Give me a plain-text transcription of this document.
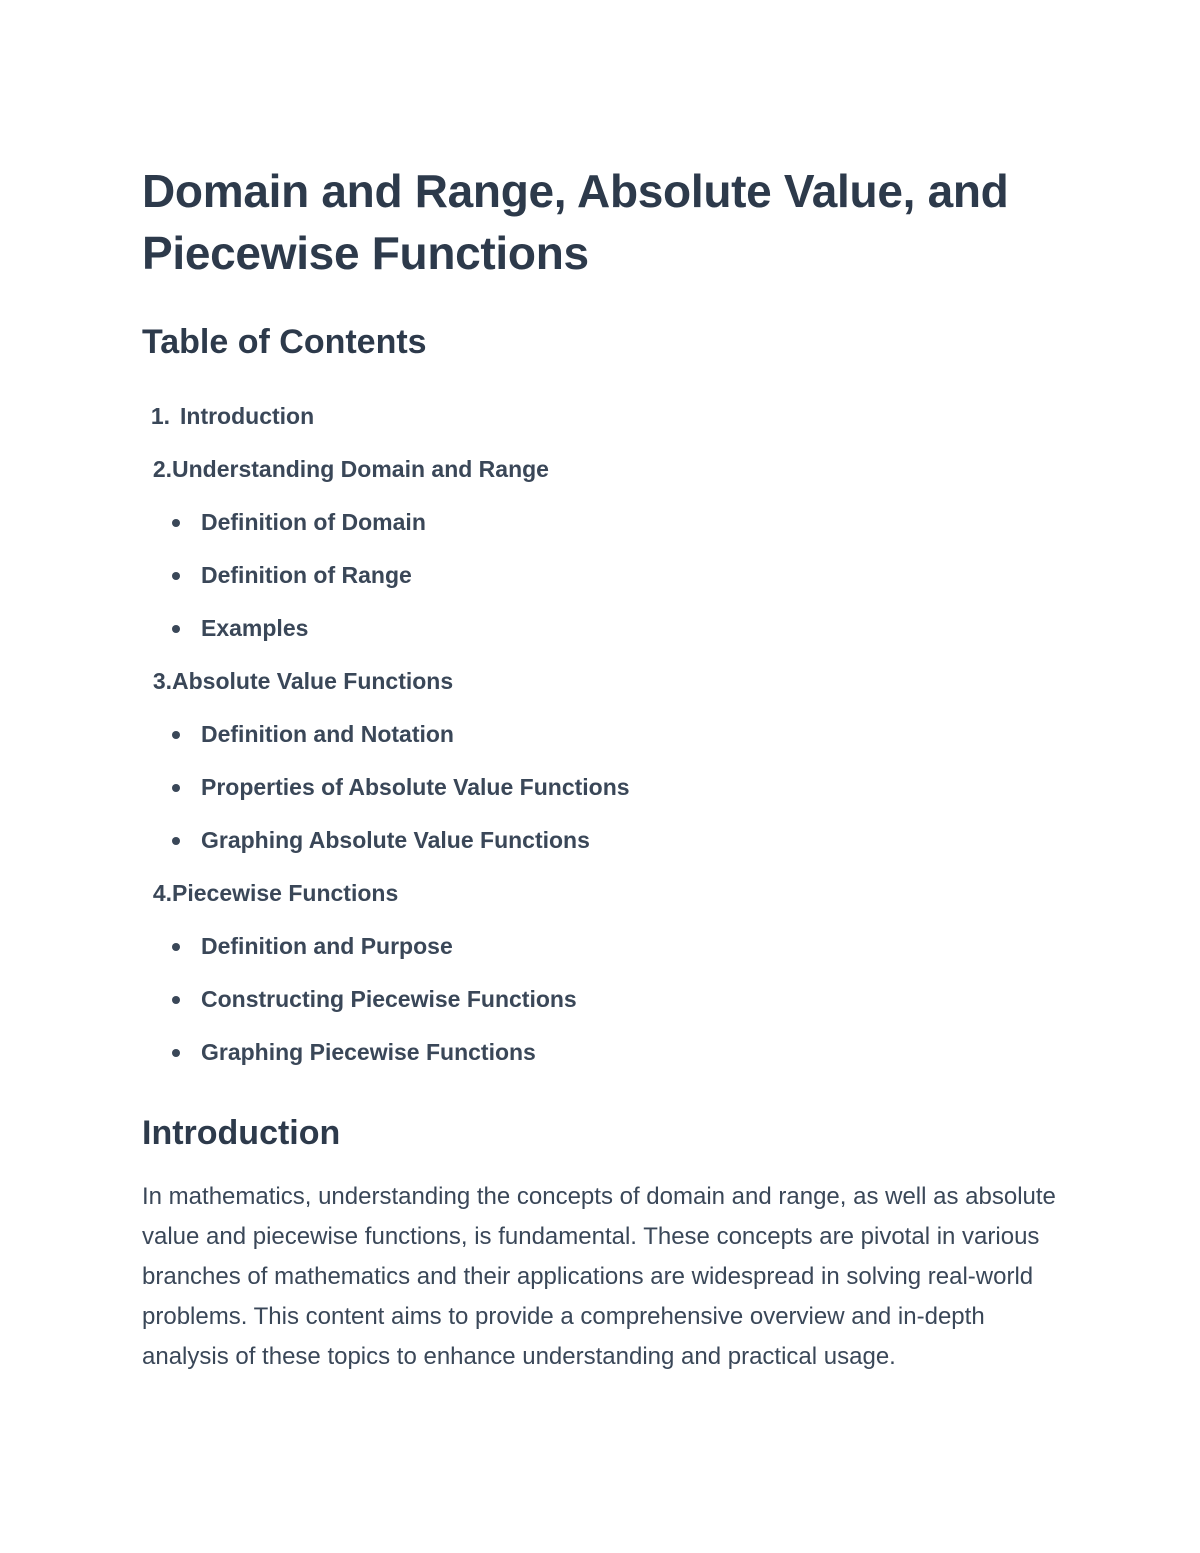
Domain and Range, Absolute Value, and Piecewise Functions
Table of Contents
1. Introduction
2. Understanding Domain and Range
Definition of Domain
Definition of Range
Examples
3. Absolute Value Functions
Definition and Notation
Properties of Absolute Value Functions
Graphing Absolute Value Functions
4. Piecewise Functions
Definition and Purpose
Constructing Piecewise Functions
Graphing Piecewise Functions
Introduction

In mathematics, understanding the concepts of domain and range, as well as absolute value and piecewise functions, is fundamental. These concepts are pivotal in various branches of mathematics and their applications are widespread in solving real-world problems. This content aims to provide a comprehensive overview and in-depth analysis of these topics to enhance understanding and practical usage.
